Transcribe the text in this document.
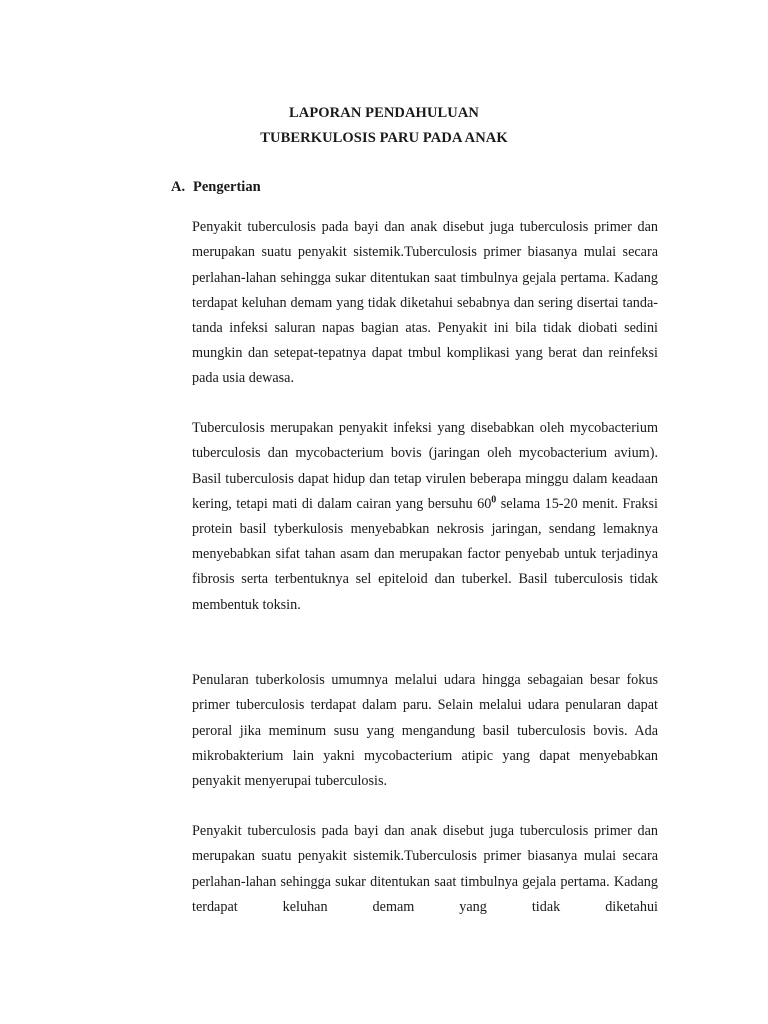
LAPORAN PENDAHULUAN
TUBERKULOSIS PARU PADA ANAK
A. Pengertian

Penyakit tuberculosis pada bayi dan anak disebut juga tuberculosis primer dan merupakan suatu penyakit sistemik.Tuberculosis primer biasanya mulai secara perlahan-lahan sehingga sukar ditentukan saat timbulnya gejala pertama. Kadang terdapat keluhan demam yang tidak diketahui sebabnya dan sering disertai tanda-tanda infeksi saluran napas bagian atas. Penyakit ini bila tidak diobati sedini mungkin dan setepat-tepatnya dapat tmbul komplikasi yang berat dan reinfeksi pada usia dewasa.

Tuberculosis merupakan penyakit infeksi yang disebabkan oleh mycobacterium tuberculosis dan mycobacterium bovis (jaringan oleh mycobacterium avium). Basil tuberculosis dapat hidup dan tetap virulen beberapa minggu dalam keadaan kering, tetapi mati di dalam cairan yang bersuhu $60^0$ selama 15-20 menit. Fraksi protein basil tyberkulosis menyebabkan nekrosis jaringan, sendang lemaknya menyebabkan sifat tahan asam dan merupakan factor penyebab untuk terjadinya fibrosis serta terbentuknya sel epiteloid dan tuberkel. Basil tuberculosis tidak membentuk toksin.

Penularan tuberkolosis umumnya melalui udara hingga sebagaian besar fokus primer tuberculosis terdapat dalam paru. Selain melalui udara penularan dapat peroral jika meminum susu yang mengandung basil tuberculosis bovis. Ada mikrobakterium lain yakni mycobacterium atipic yang dapat menyebabkan penyakit menyerupai tuberculosis.

Penyakit tuberculosis pada bayi dan anak disebut juga tuberculosis primer dan merupakan suatu penyakit sistemik.Tuberculosis primer biasanya mulai secara perlahan-lahan sehingga sukar ditentukan saat timbulnya gejala pertama. Kadang terdapat keluhan demam yang tidak diketahui
